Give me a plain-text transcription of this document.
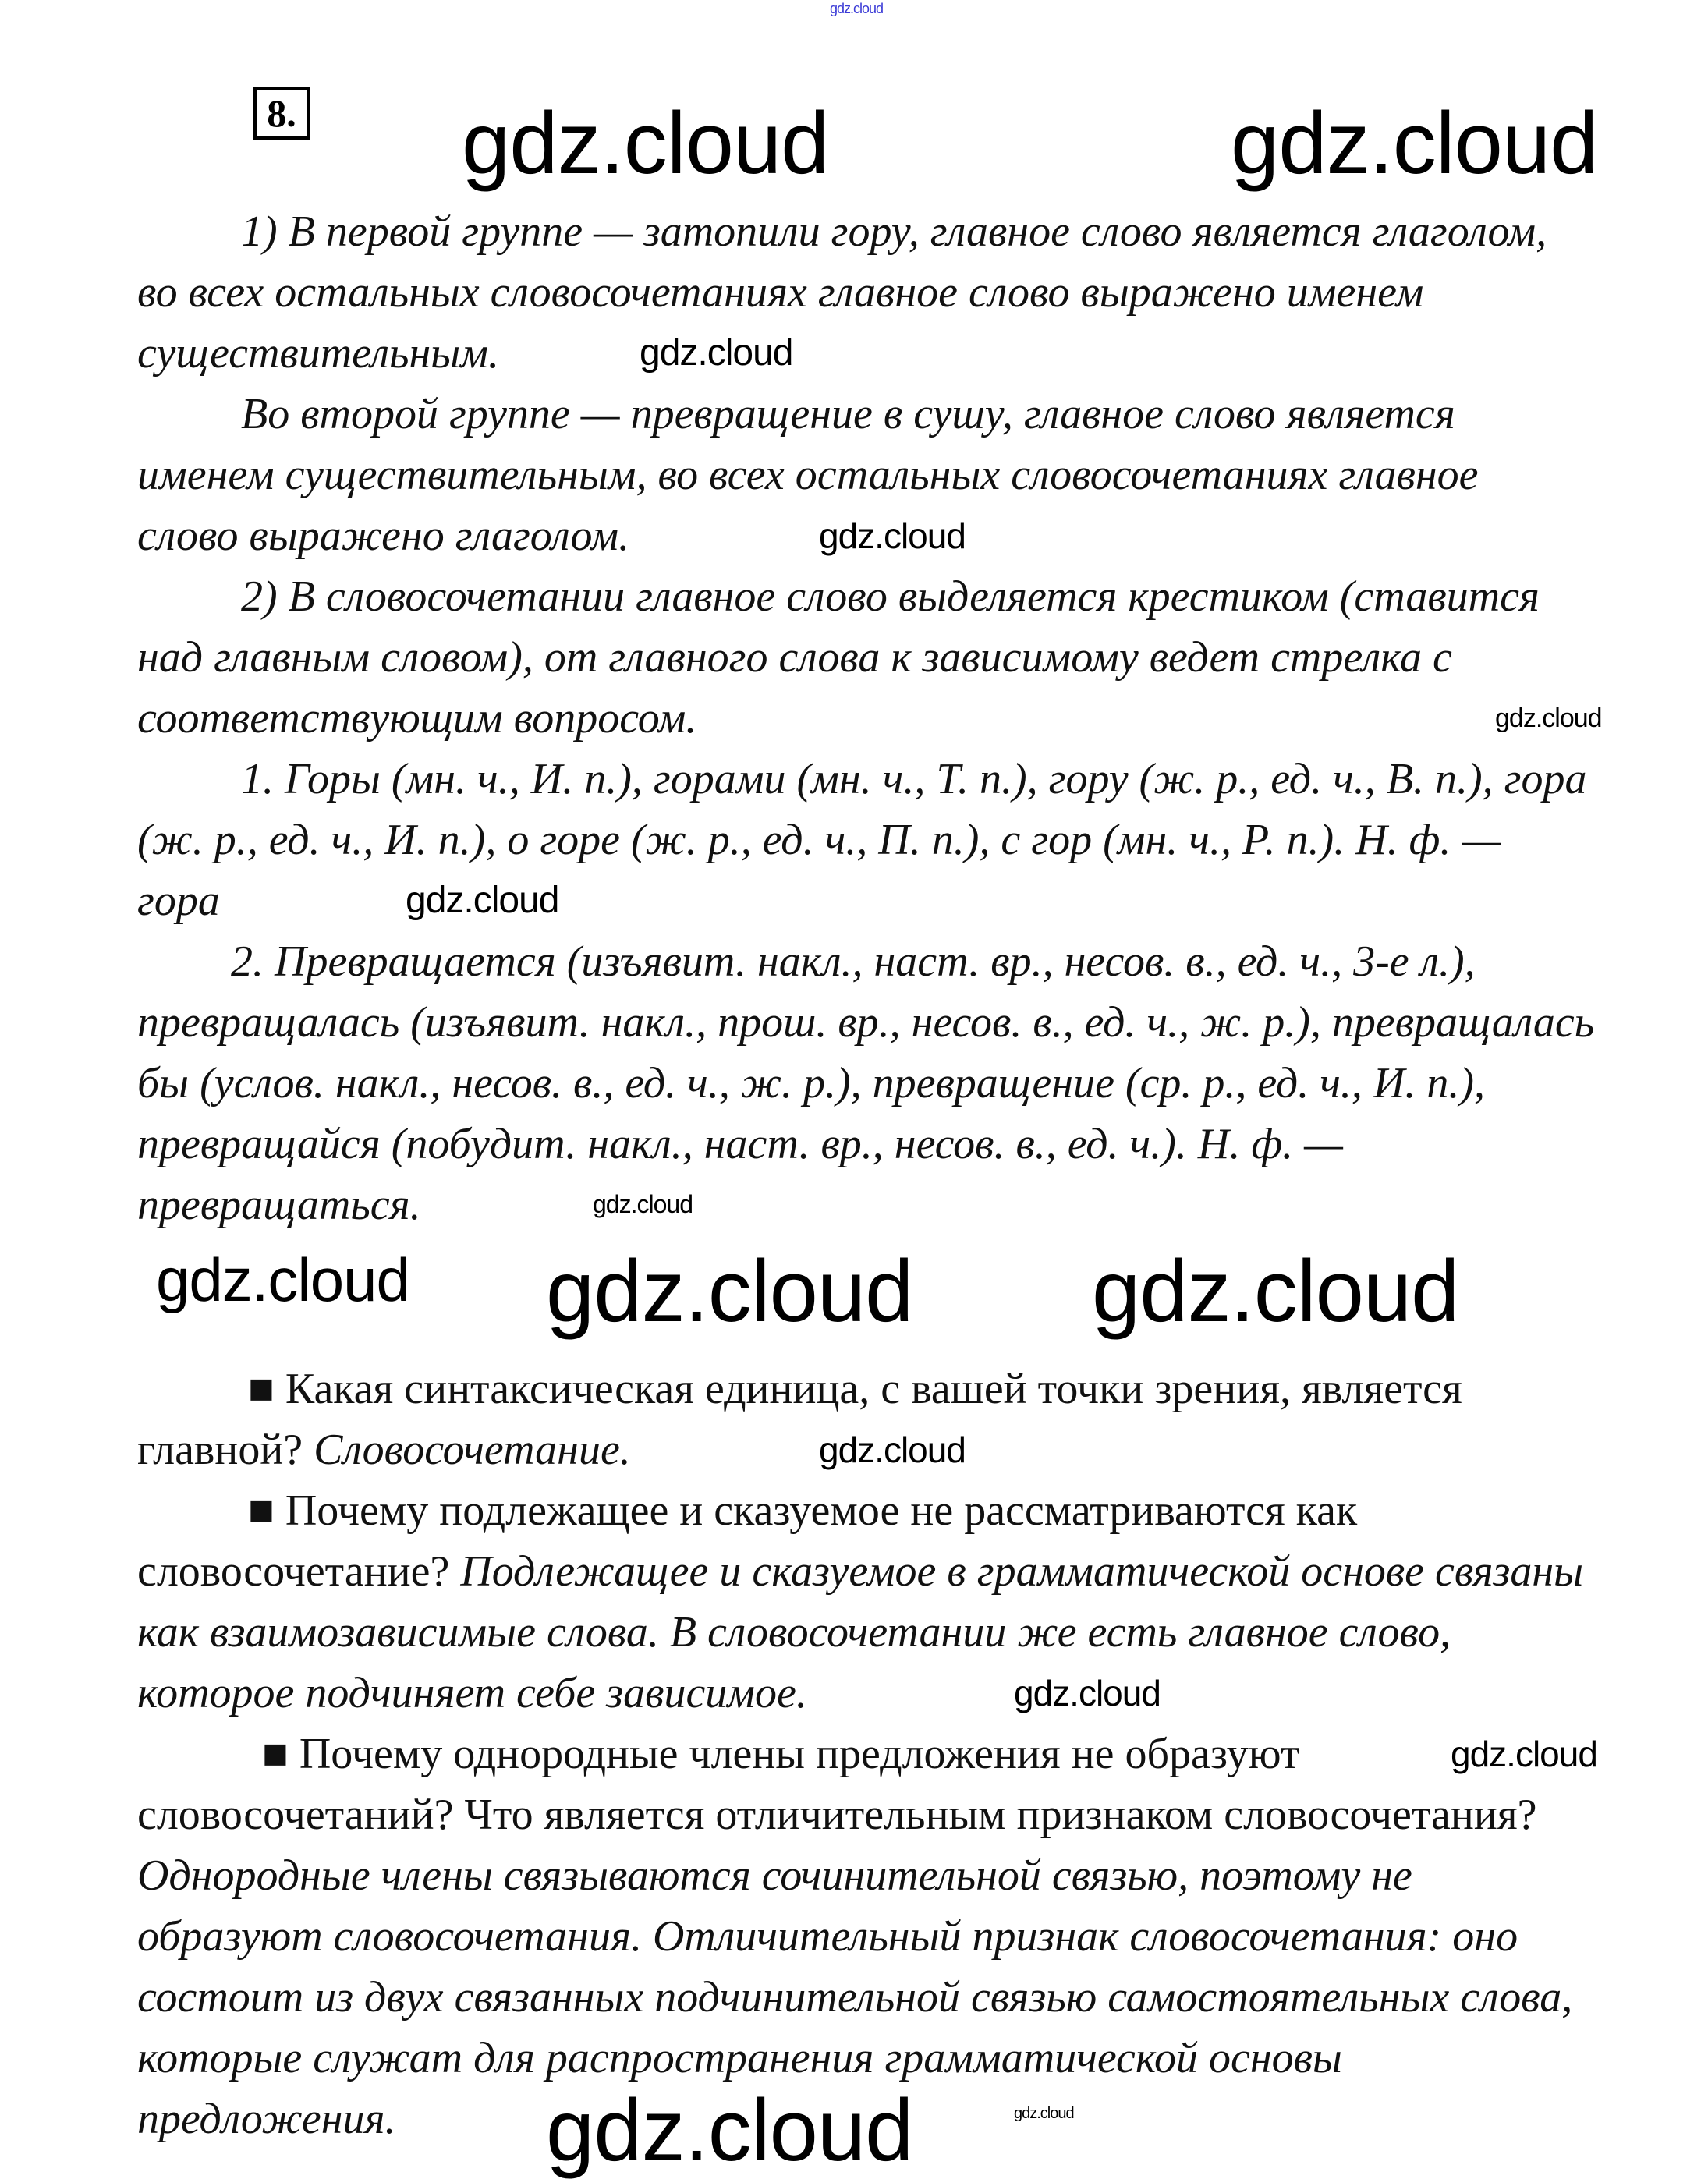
gdz.cloud
8. gdz.cloud	gdz.cloud
gdz.cloud
gdz.cloud
gdz.cloud
gdz.cloud
gdz.cloud
gdz.cloud
gdz.cloud
gdz.cloud
gdz.cloud
gdz.cloud
gdz.cloud
gdz.cloud
gdz.cloud
1) В первой группе — затопили гору, главное слово является глаголом,
во всех остальных словосочетаниях главное слово выражено именем
существительным.
Во второй группе — превращение в сушу, главное слово является
именем существительным, во всех остальных словосочетаниях главное
слово выражено глаголом.
2) В словосочетании главное слово выделяется крестиком (ставится
над главным словом), от главного слова к зависимому ведет стрелка с
соответствующим вопросом.
1. Горы (мн. ч., И. п.), горами (мн. ч., Т. п.), гору (ж. р., ед. ч., В. п.), гора
(ж. р., ед. ч., И. п.), о горе (ж. р., ед. ч., П. п.), с гор (мн. ч., Р. п.). Н. ф. —
гора
2. Превращается (изъявит. накл., наст. вр., несов. в., ед. ч., 3-е л.),
превращалась (изъявит. накл., прош. вр., несов. в., ед. ч., ж. р.), превращалась
бы (услов. накл., несов. в., ед. ч., ж. р.), превращение (ср. р., ед. ч., И. п.),
превращайся (побудит. накл., наст. вр., несов. в., ед. ч.). Н. ф. —
превращаться.
■ Какая синтаксическая единица, с вашей точки зрения, является
главной? Словосочетание.
■ Почему подлежащее и сказуемое не рассматриваются как
словосочетание? Подлежащее и сказуемое в грамматической основе связаны
как взаимозависимые слова. В словосочетании же есть главное слово,
которое подчиняет себе зависимое.
■ Почему однородные члены предложения не образуют
словосочетаний? Что является отличительным признаком словосочетания?
Однородные члены связываются сочинительной связью, поэтому не
образуют словосочетания. Отличительный признак словосочетания: оно
состоит из двух связанных подчинительной связью самостоятельных слова,
которые служат для распространения грамматической основы
предложения.
